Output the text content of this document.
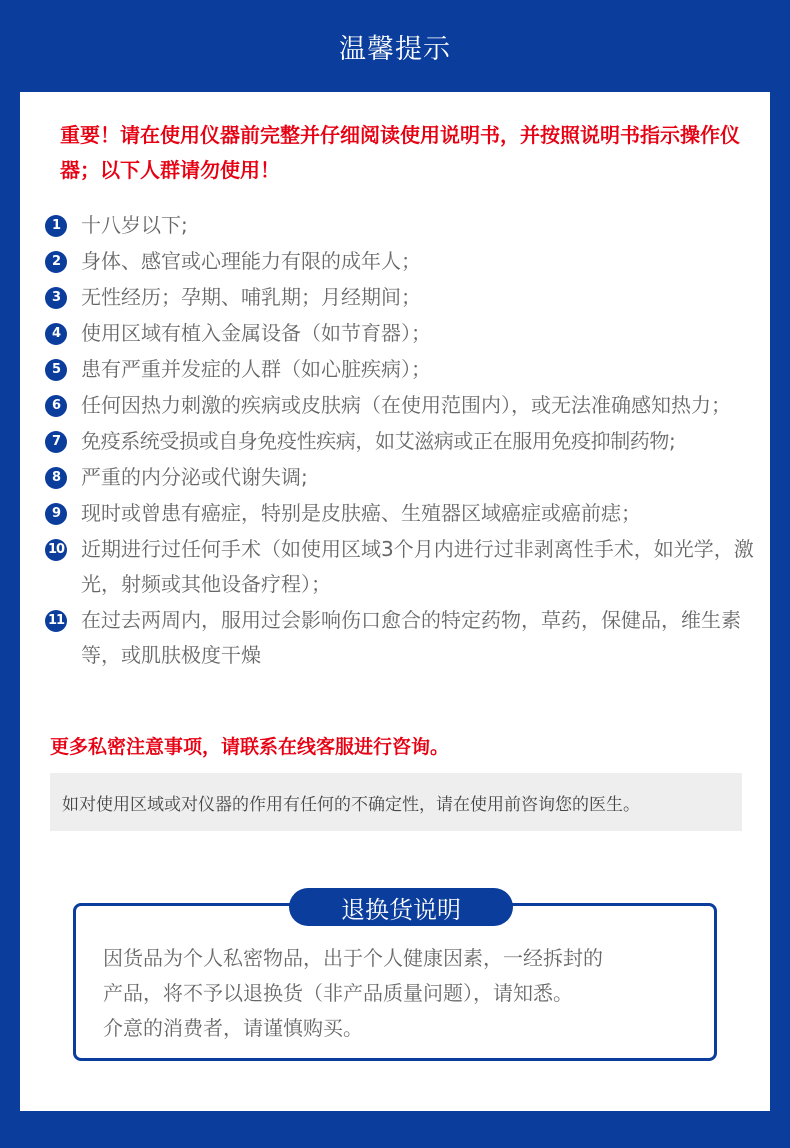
温馨提示
重要！请在使用仪器前完整并仔细阅读使用说明书，并按照说明书指示操作仪器；以下人群请勿使用！
1	十八岁以下;
2	身体、感官或心理能力有限的成年人；
3	无性经历；孕期、哺乳期；月经期间；
4	使用区域有植入金属设备（如节育器）；
5	患有严重并发症的人群（如心脏疾病）；
6	任何因热力刺激的疾病或皮肤病（在使用范围内），或无法准确感知热力；
7	免疫系统受损或自身免疫性疾病，如艾滋病或正在服用免疫抑制药物;
8	严重的内分泌或代谢失调;
9	现时或曾患有癌症，特别是皮肤癌、生殖器区域癌症或癌前痣；
10 近期进行过任何手术（如使用区域3个月内进行过非剥离性手术，如光学，激光，射频或其他设备疗程）；
11 在过去两周内，服用过会影响伤口愈合的特定药物，草药，保健品，维生素等，或肌肤极度干燥
更多私密注意事项，请联系在线客服进行咨询。
如对使用区域或对仪器的作用有任何的不确定性，请在使用前咨询您的医生。
退换货说明
因货品为个人私密物品，出于个人健康因素，一经拆封的
产品，将不予以退换货（非产品质量问题），请知悉。
介意的消费者，请谨慎购买。
